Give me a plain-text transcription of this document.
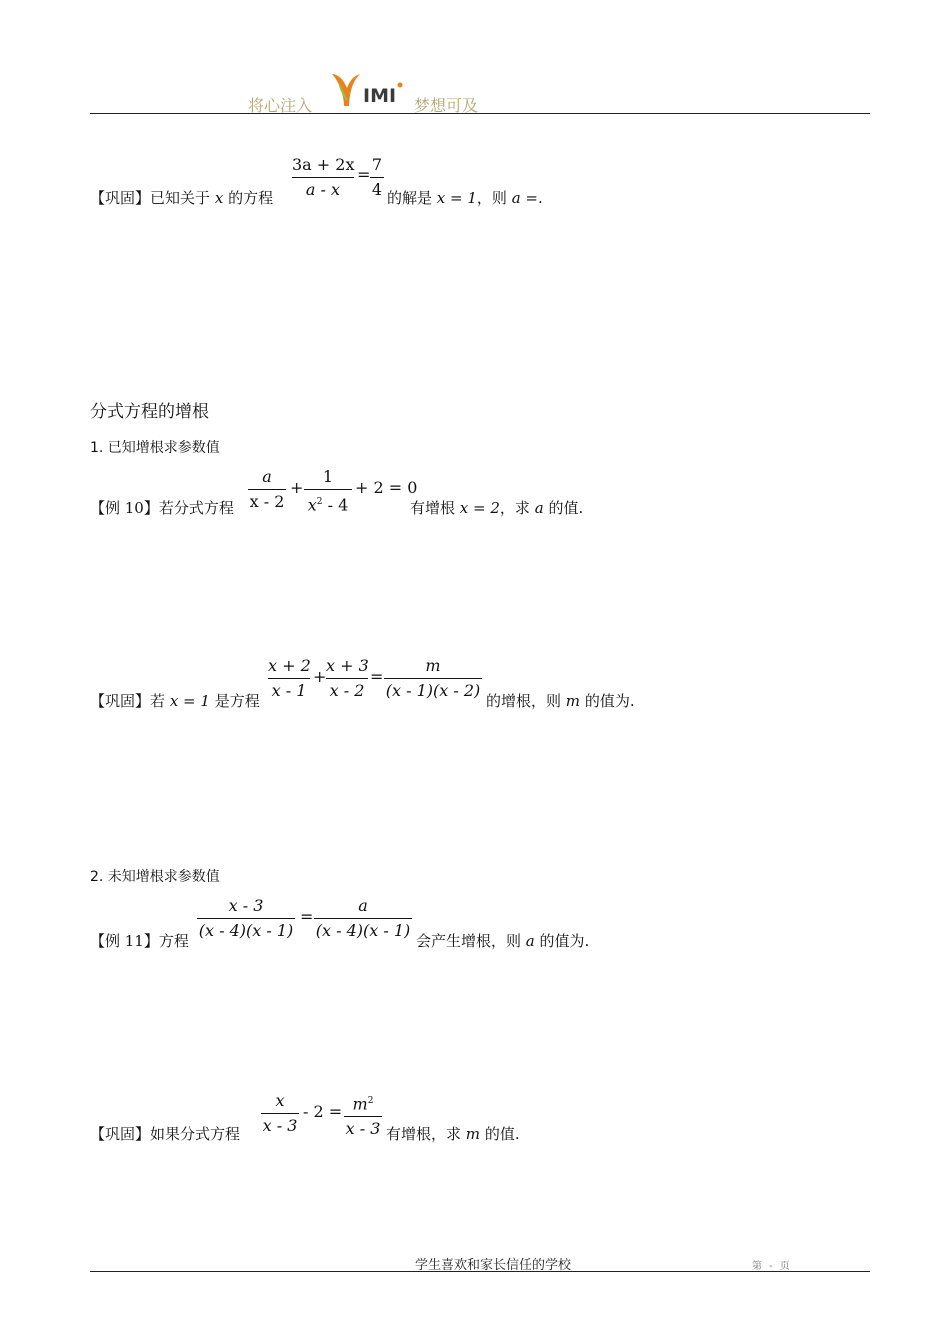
将心注入	IMI 梦想可及
【巩固】已知关于 x 的方程
3a + 2x
a - x
=
7
4 的解是 x = 1，则 a =.
分式方程的增根
1. 已知增根求参数值
【例 10】若分式方程
a
x - 2
+
1
$x^2 - 4$
+ 2 = 0
有增根 x = 2，求 a 的值.
【巩固】若 x = 1 是方程
x + 2
x - 1
+
x + 3
x - 2
=
m
(x - 1)(x - 2)
的增根，则 m 的值为.
2. 未知增根求参数值
【例 11】方程
x - 3
(x - 4)(x - 1)
=
a
(x - 4)(x - 1)
会产生增根，则 a 的值为.
【巩固】如果分式方程
x
x - 3
- $2 = m^2$
x - 3 有增根，求 m 的值.
学生喜欢和家长信任的学校	第 - 页
